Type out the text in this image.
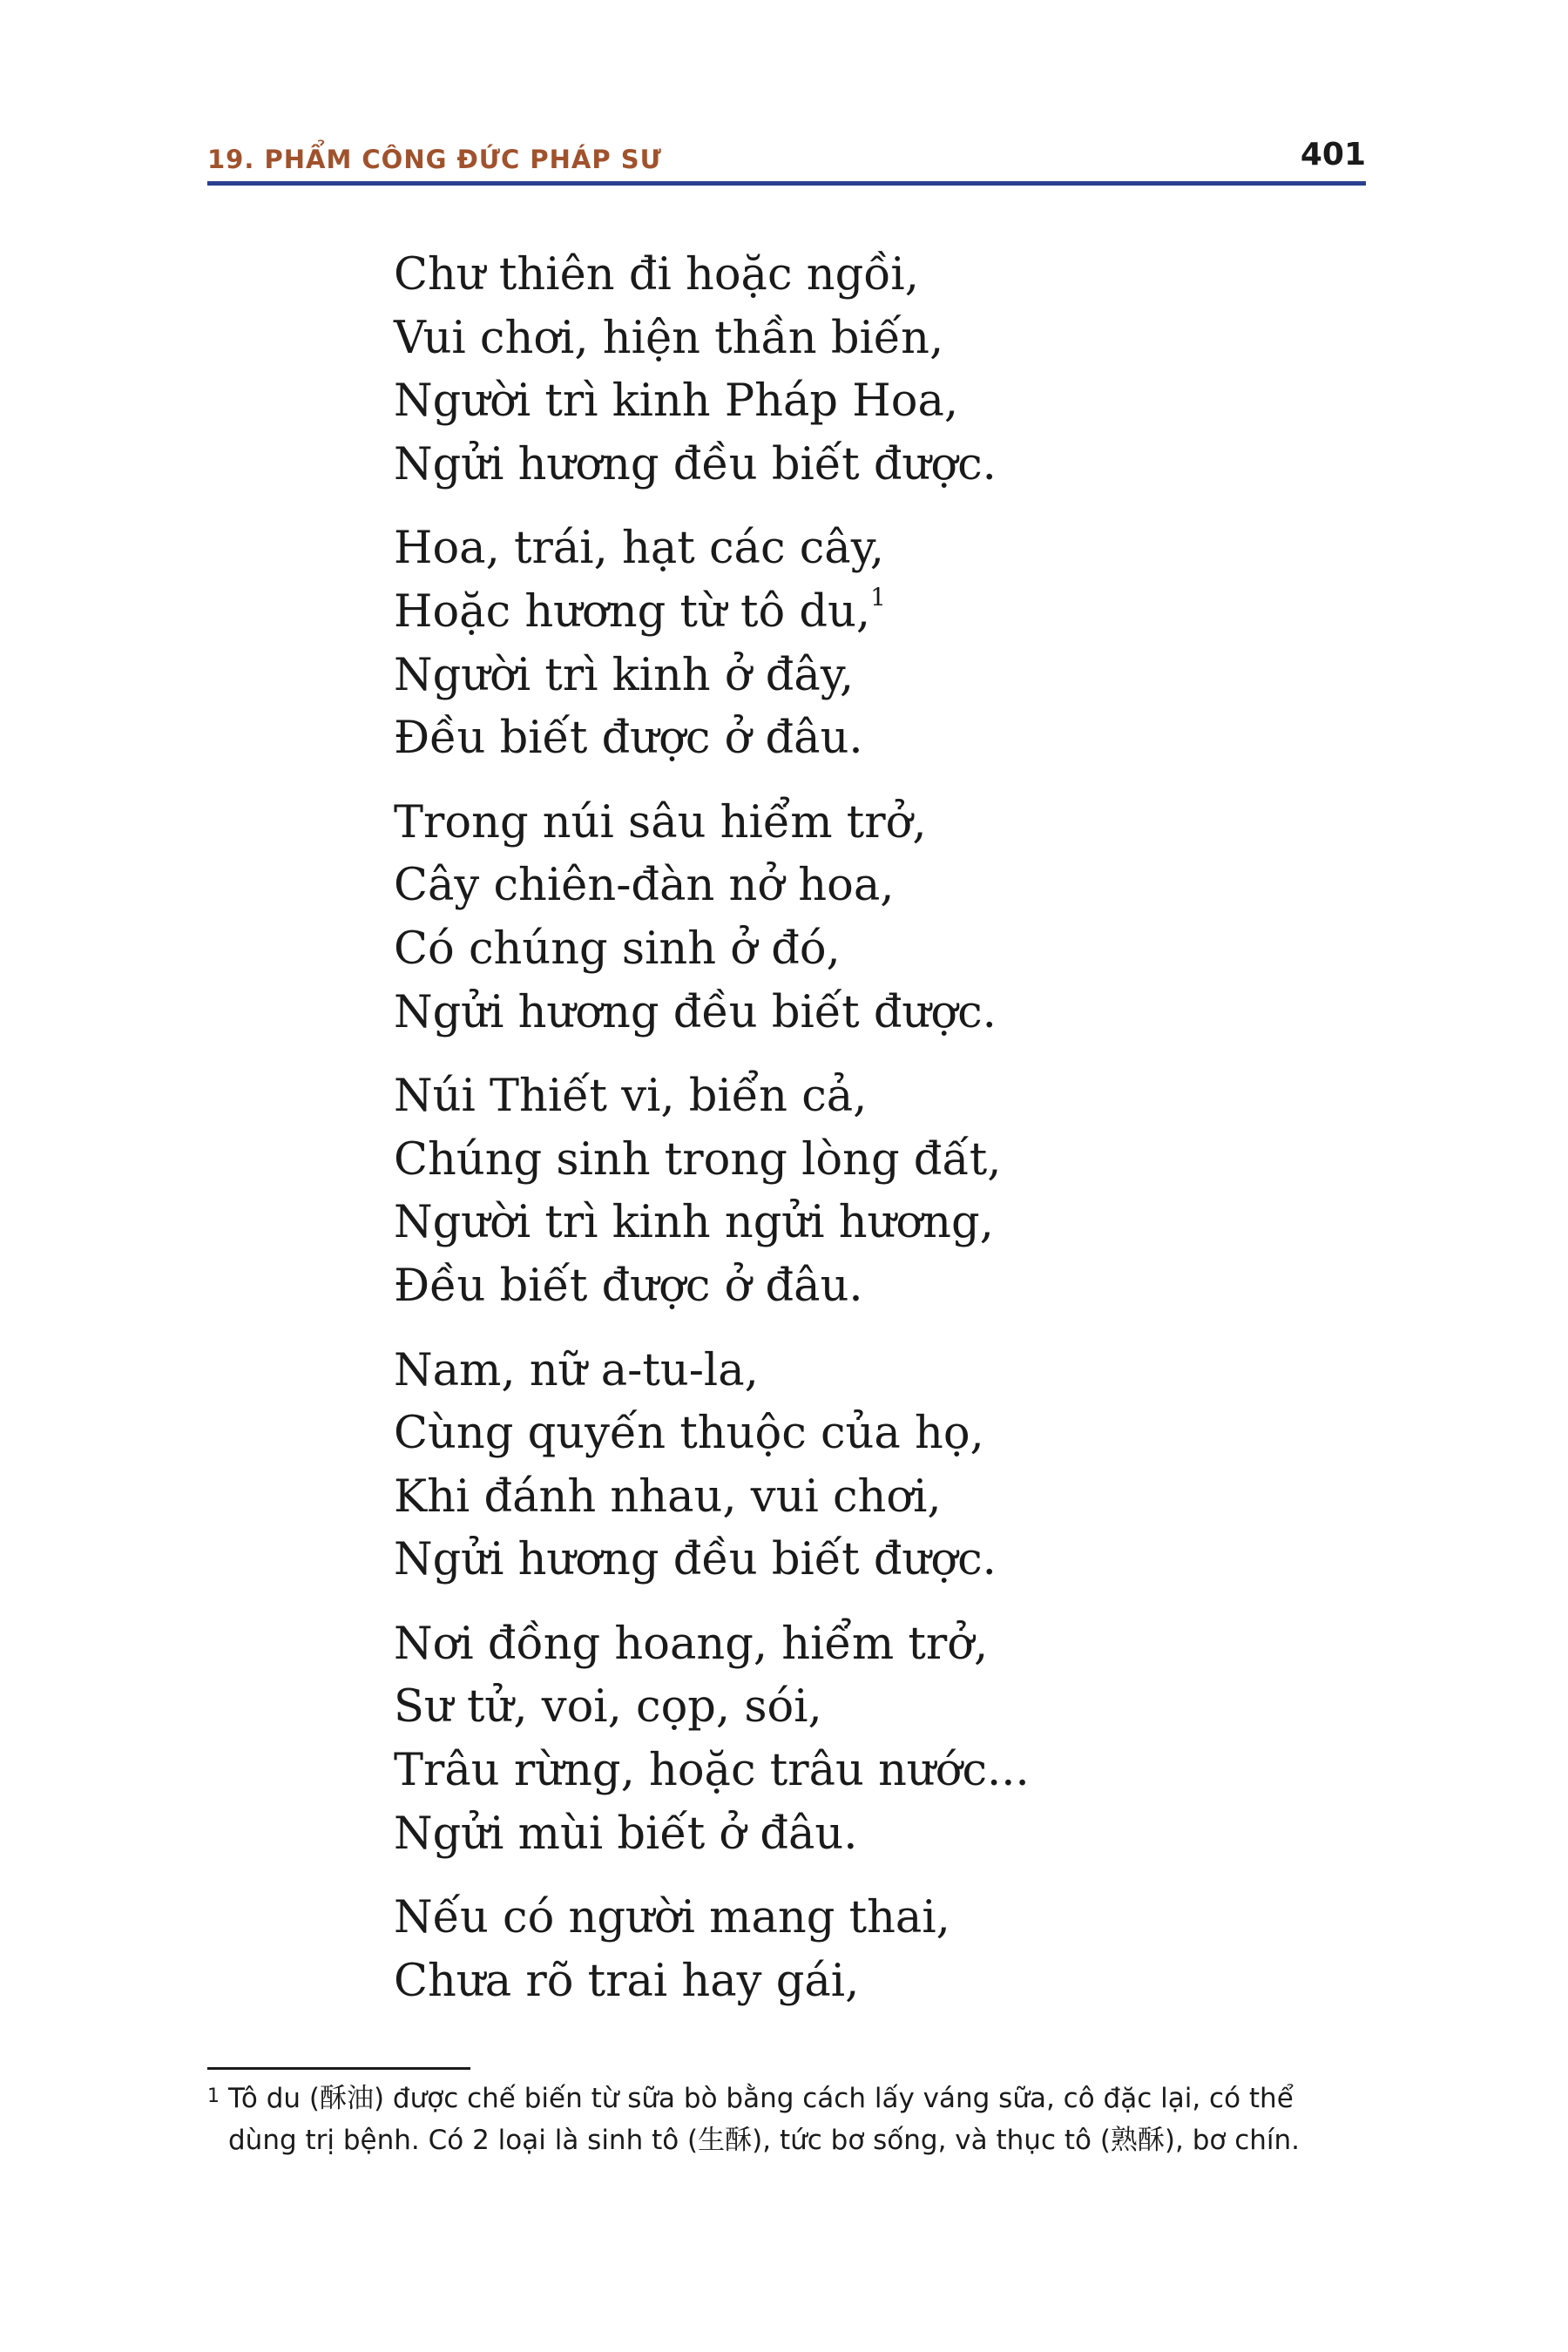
19. PHẨM CÔNG ĐỨC PHÁP SƯ	401
Chư thiên đi hoặc ngồi,
Vui chơi, hiện thần biến,
Người trì kinh Pháp Hoa,
Ngửi hương đều biết được.
Hoa, trái, hạt các cây,
Hoặc hương từ tô du,$^1$
Người trì kinh ở đây,
Đều biết được ở đâu.
Trong núi sâu hiểm trở,
Cây chiên-đàn nở hoa,
Có chúng sinh ở đó,
Ngửi hương đều biết được.
Núi Thiết vi, biển cả,
Chúng sinh trong lòng đất,
Người trì kinh ngửi hương,
Đều biết được ở đâu.
Nam, nữ a-tu-la,
Cùng quyến thuộc của họ,
Khi đánh nhau, vui chơi,
Ngửi hương đều biết được.
Nơi đồng hoang, hiểm trở,
Sư tử, voi, cọp, sói,
Trâu rừng, hoặc trâu nước...
Ngửi mùi biết ở đâu.
Nếu có người mang thai,
Chưa rõ trai hay gái,
1 Tô du (酥油) được chế biến từ sữa bò bằng cách lấy váng sữa, cô đặc lại, có thể
dùng trị bệnh. Có 2 loại là sinh tô (生酥), tức bơ sống, và thục tô (熟酥), bơ chín.
